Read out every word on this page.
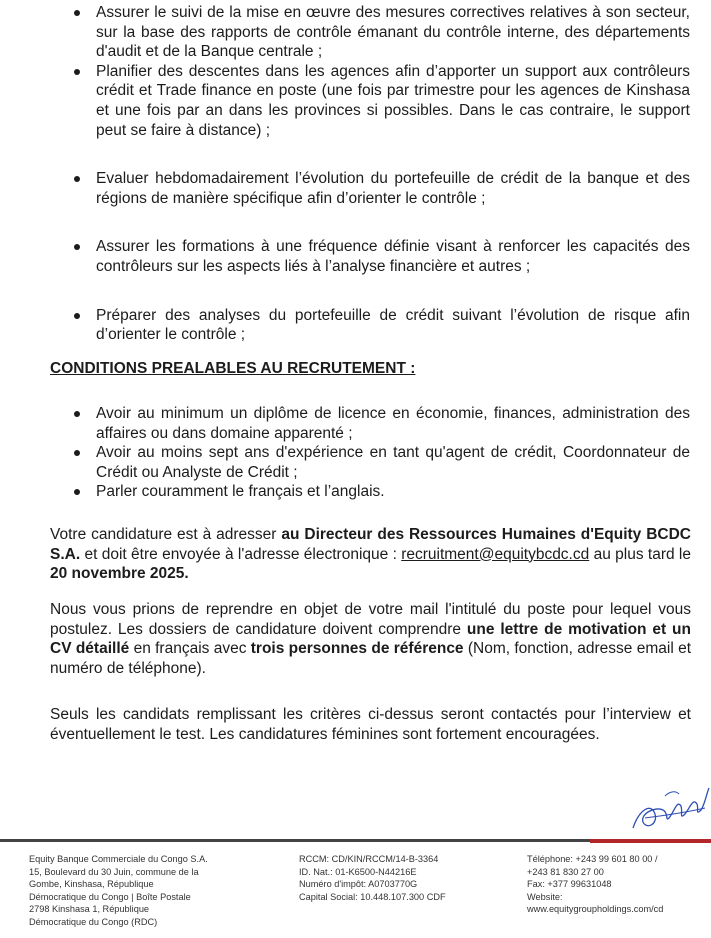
Assurer le suivi de la mise en œuvre des mesures correctives relatives à son secteur, sur la base des rapports de contrôle émanant du contrôle interne, des départements d'audit et de la Banque centrale ;
Planifier des descentes dans les agences afin d’apporter un support aux contrôleurs crédit et Trade finance en poste (une fois par trimestre pour les agences de Kinshasa et une fois par an dans les provinces si possibles. Dans le cas contraire, le support peut se faire à distance) ;
Evaluer hebdomadairement l’évolution du portefeuille de crédit de la banque et des régions de manière spécifique afin d’orienter le contrôle ;
Assurer les formations à une fréquence définie visant à renforcer les capacités des contrôleurs sur les aspects liés à l’analyse financière et autres ;
Préparer des analyses du portefeuille de crédit suivant l’évolution de risque afin d’orienter le contrôle ;
CONDITIONS PREALABLES AU RECRUTEMENT :
Avoir au minimum un diplôme de licence en économie, finances, administration des affaires ou dans domaine apparenté ;
Avoir au moins sept ans d'expérience en tant qu'agent de crédit, Coordonnateur de Crédit ou Analyste de Crédit ;
Parler couramment le français et l’anglais.

Votre candidature est à adresser au Directeur des Ressources Humaines d'Equity BCDC S.A. et doit être envoyée à l'adresse électronique : recruitment@equitybcdc.cd au plus tard le 20 novembre 2025.

Nous vous prions de reprendre en objet de votre mail l'intitulé du poste pour lequel vous postulez. Les dossiers de candidature doivent comprendre une lettre de motivation et un CV détaillé en français avec trois personnes de référence (Nom, fonction, adresse email et numéro de téléphone).

Seuls les candidats remplissant les critères ci-dessus seront contactés pour l’interview et éventuellement le test. Les candidatures féminines sont fortement encouragées.

Equity Banque Commerciale du Congo S.A.
15, Boulevard du 30 Juin, commune de la
Gombe, Kinshasa, République
Démocratique du Congo | Boîte Postale
2798 Kinshasa 1, République
Démocratique du Congo (RDC)
RCCM: CD/KIN/RCCM/14-B-3364
ID. Nat.: 01-K6500-N44216E
Numéro d'impôt: A0703770G
Capital Social: 10.448.107.300 CDF
Téléphone: +243 99 601 80 00 /
+243 81 830 27 00
Fax: +377 99631048
Website:
www.equitygroupholdings.com/cd
